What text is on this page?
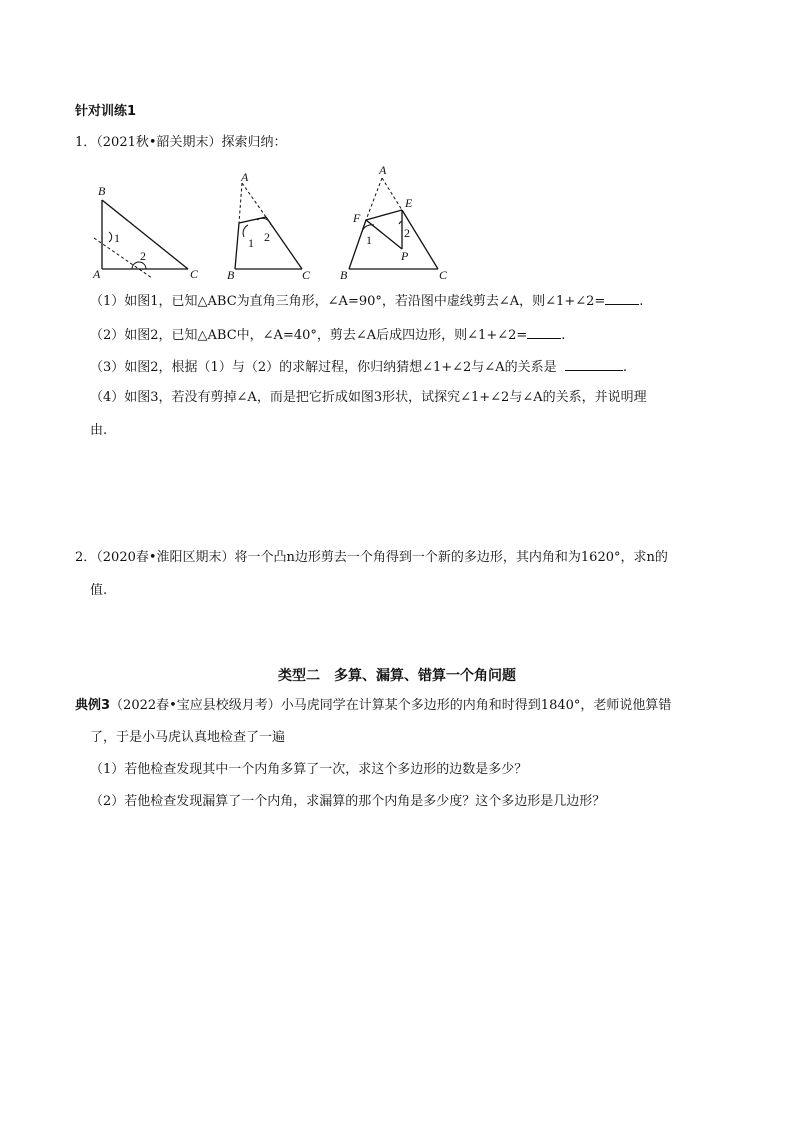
针对训练1
1．（2021秋•韶关期末）探索归纳：
B
A	C
1
2
A
B	C
1 2
A
E
F
1	2
P
B	C
（1）如图1，已知△ABC为直角三角形，∠A=90°，若沿图中虚线剪去∠A，则∠1+∠2=	.
（2）如图2，已知△ABC中，∠A=40°，剪去∠A后成四边形，则∠1+∠2=	.
（3）如图2，根据（1）与（2）的求解过程，你归纳猜想∠1+∠2与∠A的关系是	.
（4）如图3，若没有剪掉∠A，而是把它折成如图3形状，试探究∠1+∠2与∠A的关系，并说明理
由.
2．（2020春•淮阳区期末）将一个凸n边形剪去一个角得到一个新的多边形，其内角和为1620°，求n的
值.
类型二　多算、漏算、错算一个角问题
典例3（2022春•宝应县校级月考）小马虎同学在计算某个多边形的内角和时得到1840°，老师说他算错
了，于是小马虎认真地检查了一遍
（1）若他检查发现其中一个内角多算了一次，求这个多边形的边数是多少？
（2）若他检查发现漏算了一个内角，求漏算的那个内角是多少度？这个多边形是几边形？
